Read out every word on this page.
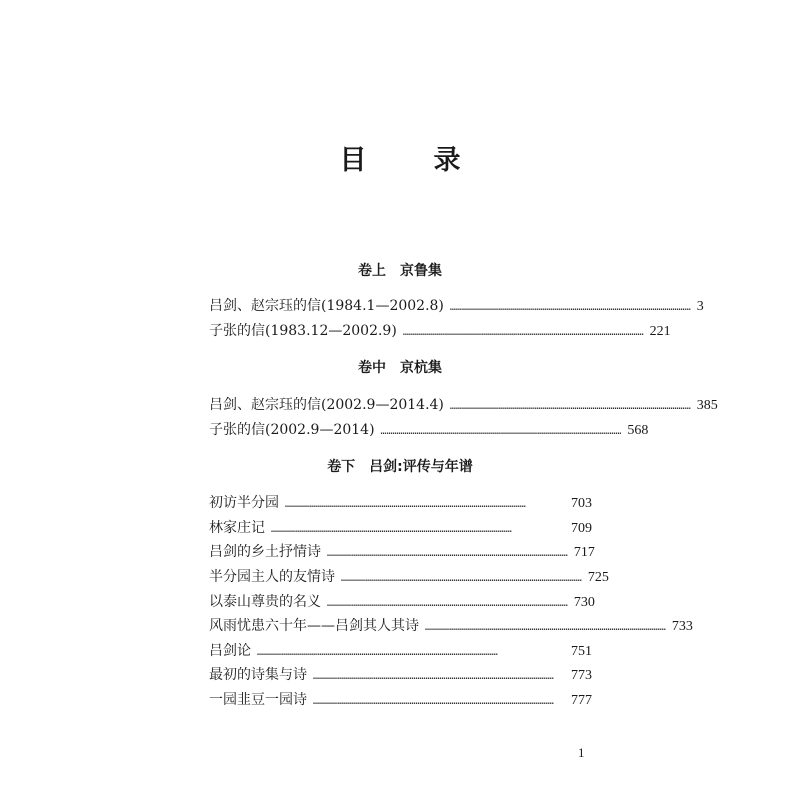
目　录
卷上　京鲁集
吕剑、赵宗珏的信(1984.1—2002.8) ………………………………………………………………………………………………………… 3
子张的信(1983.12—2002.9) ………………………………………………………………………………………………………… 221
卷中　京杭集
吕剑、赵宗珏的信(2002.9—2014.4) ………………………………………………………………………………………………………… 385
子张的信(2002.9—2014) ………………………………………………………………………………………………………… 568
卷下　吕剑:评传与年谱
初访半分园 …………………………………………………………………………………………………………	703
林家庄记 …………………………………………………………………………………………………………	709
吕剑的乡土抒情诗 ………………………………………………………………………………………………………… 717
半分园主人的友情诗 ………………………………………………………………………………………………………… 725
以泰山尊贵的名义 ………………………………………………………………………………………………………… 730
风雨忧患六十年——吕剑其人其诗 ………………………………………………………………………………………………………… 733
吕剑论 …………………………………………………………………………………………………………	751
最初的诗集与诗 …………………………………………………………………………………………………………	773
一园韭豆一园诗 …………………………………………………………………………………………………………	777
1
